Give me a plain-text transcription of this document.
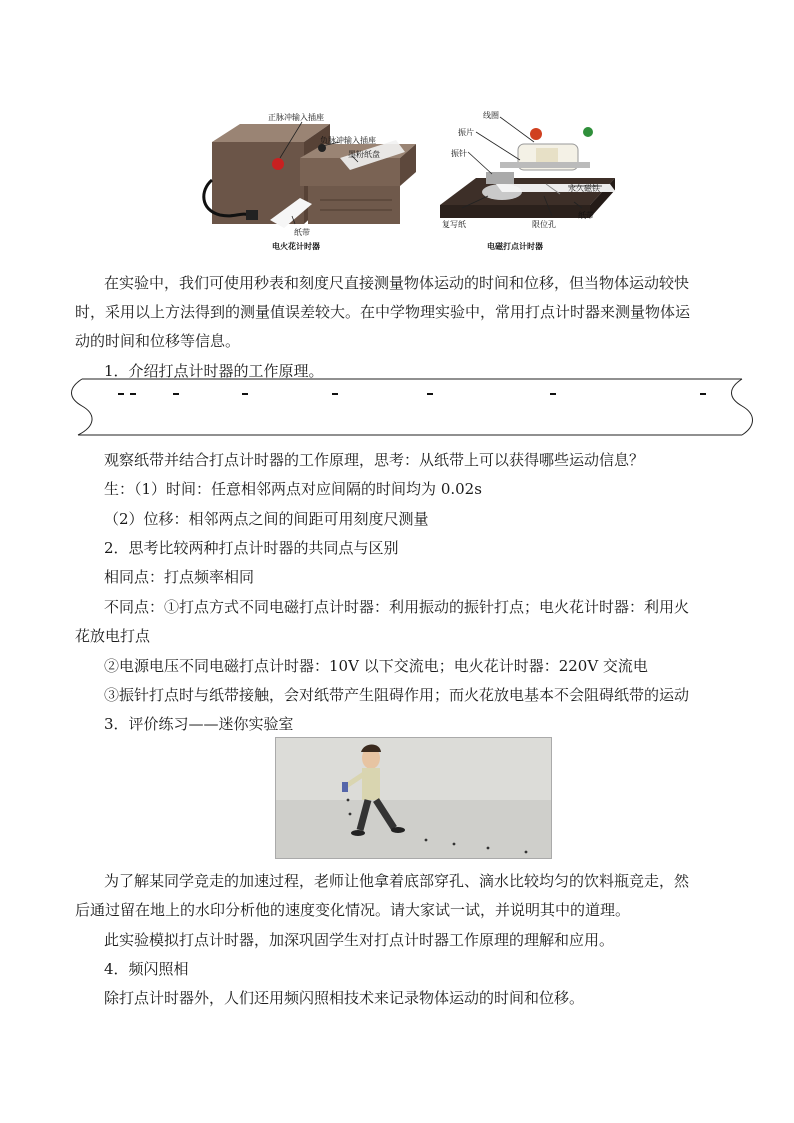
正脉冲输入插座
负脉冲输入插座
墨粉纸盘
纸带
电火花计时器
线圈
振片
振针
永久磁铁
纸带
限位孔
复写纸
电磁打点计时器
在实验中，我们可使用秒表和刻度尺直接测量物体运动的时间和位移，但当物体运动较快
时，采用以上方法得到的测量值误差较大。在中学物理实验中，常用打点计时器来测量物体运
动的时间和位移等信息。
1．介绍打点计时器的工作原理。
观察纸带并结合打点计时器的工作原理，思考：从纸带上可以获得哪些运动信息？
生：（1）时间：任意相邻两点对应间隔的时间均为 0.02s
（2）位移：相邻两点之间的间距可用刻度尺测量
2．思考比较两种打点计时器的共同点与区别
相同点：打点频率相同
不同点：①打点方式不同电磁打点计时器：利用振动的振针打点；电火花计时器：利用火
花放电打点
②电源电压不同电磁打点计时器：10V 以下交流电；电火花计时器：220V 交流电
③振针打点时与纸带接触，会对纸带产生阻碍作用；而火花放电基本不会阻碍纸带的运动
3．评价练习——迷你实验室
为了解某同学竞走的加速过程，老师让他拿着底部穿孔、滴水比较均匀的饮料瓶竞走，然
后通过留在地上的水印分析他的速度变化情况。请大家试一试，并说明其中的道理。
此实验模拟打点计时器，加深巩固学生对打点计时器工作原理的理解和应用。
4．频闪照相
除打点计时器外，人们还用频闪照相技术来记录物体运动的时间和位移。
